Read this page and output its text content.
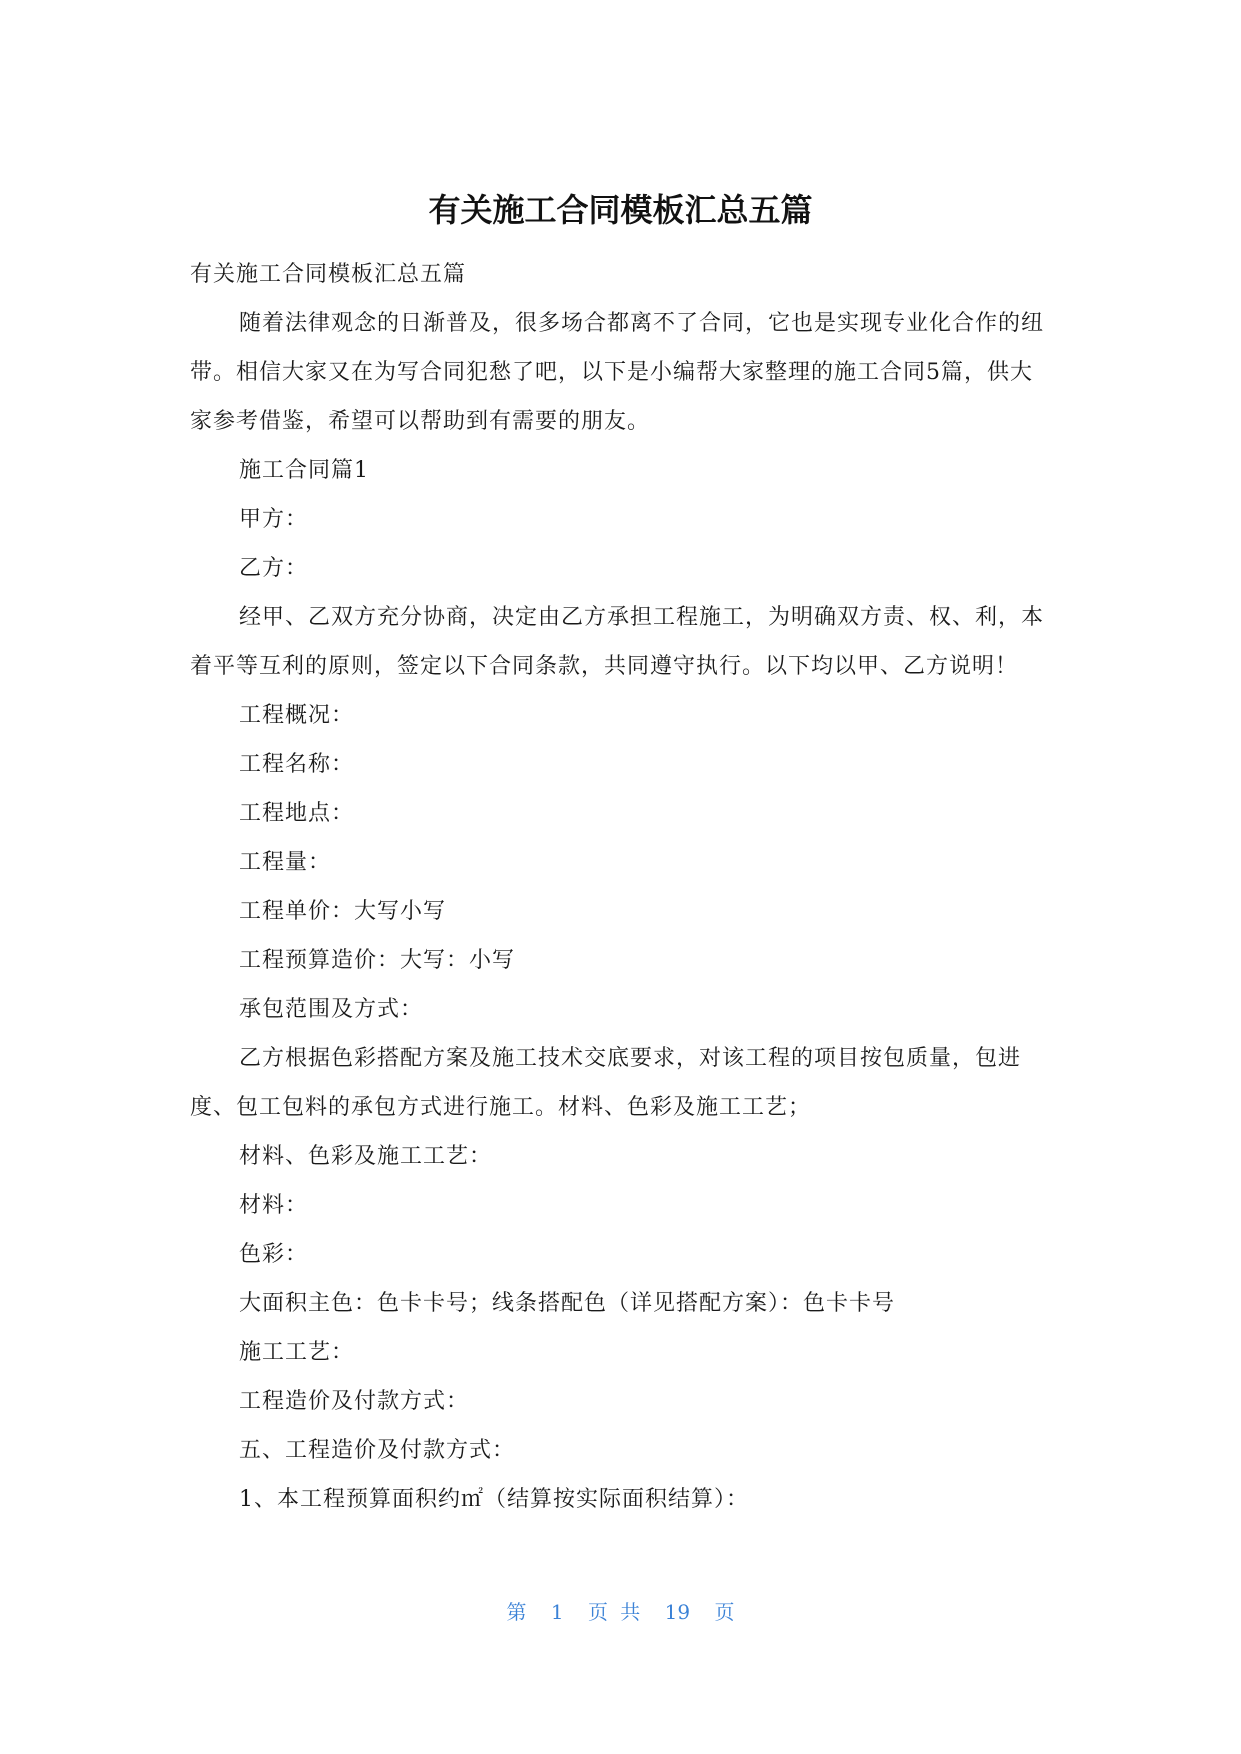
有关施工合同模板汇总五篇

有关施工合同模板汇总五篇

随着法律观念的日渐普及，很多场合都离不了合同，它也是实现专业化合作的纽带。相信大家又在为写合同犯愁了吧，以下是小编帮大家整理的施工合同5篇，供大家参考借鉴，希望可以帮助到有需要的朋友。

施工合同篇1

甲方：

乙方：

经甲、乙双方充分协商，决定由乙方承担工程施工，为明确双方责、权、利，本着平等互利的原则，签定以下合同条款，共同遵守执行。以下均以甲、乙方说明！

工程概况：

工程名称：

工程地点：

工程量：

工程单价：大写小写

工程预算造价：大写：小写

承包范围及方式：

乙方根据色彩搭配方案及施工技术交底要求，对该工程的项目按包质量，包进度、包工包料的承包方式进行施工。材料、色彩及施工工艺；

材料、色彩及施工工艺：

材料：

色彩：

大面积主色：色卡卡号；线条搭配色（详见搭配方案）：色卡卡号

施工工艺：

工程造价及付款方式：

五、工程造价及付款方式：

1、本工程预算面积约㎡（结算按实际面积结算）：

第 1 页 共 19 页
